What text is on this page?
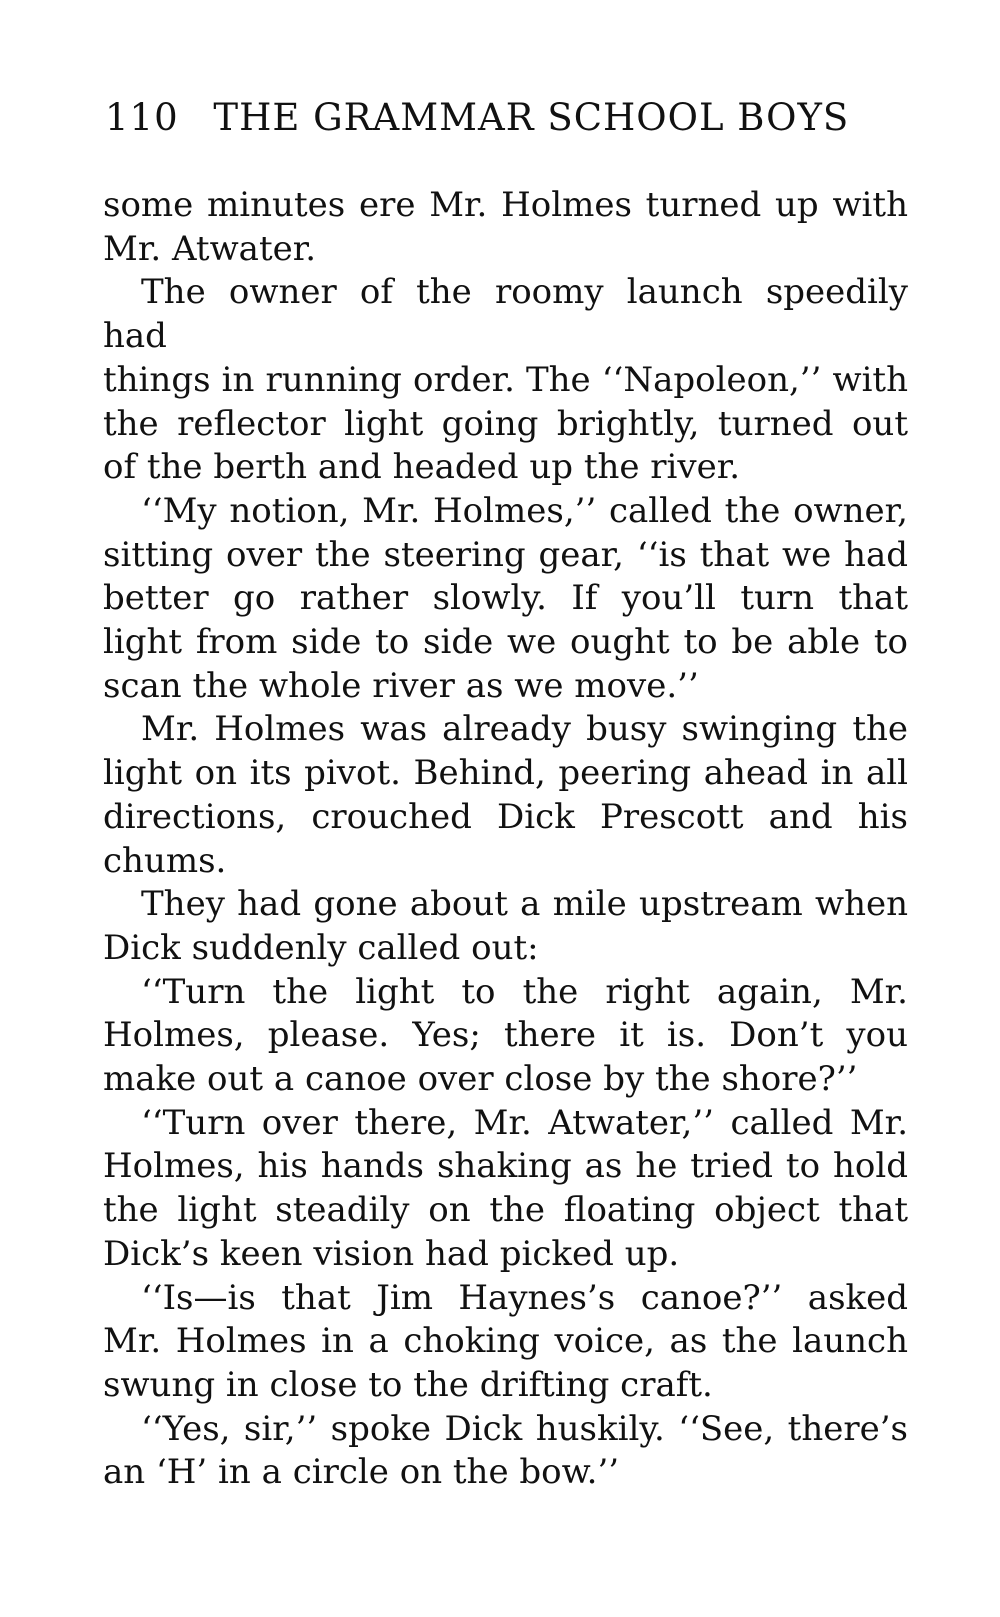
110 THE GRAMMAR SCHOOL BOYS

some minutes ere Mr. Holmes turned up with

Mr. Atwater.

The owner of the roomy launch speedily had

things in running order. The ‘‘Napoleon,’’ with

the reflector light going brightly, turned out

of the berth and headed up the river.

‘‘My notion, Mr. Holmes,’’ called the owner,

sitting over the steering gear, ‘‘is that we had

better go rather slowly. If you’ll turn that

light from side to side we ought to be able to

scan the whole river as we move.’’

Mr. Holmes was already busy swinging the

light on its pivot. Behind, peering ahead in all

directions, crouched Dick Prescott and his

chums.

They had gone about a mile upstream when

Dick suddenly called out:

‘‘Turn the light to the right again, Mr.

Holmes, please. Yes; there it is. Don’t you

make out a canoe over close by the shore?’’

‘‘Turn over there, Mr. Atwater,’’ called Mr.

Holmes, his hands shaking as he tried to hold

the light steadily on the floating object that

Dick’s keen vision had picked up.

‘‘Is—is that Jim Haynes’s canoe?’’ asked

Mr. Holmes in a choking voice, as the launch

swung in close to the drifting craft.

‘‘Yes, sir,’’ spoke Dick huskily. ‘‘See, there’s

an ‘H’ in a circle on the bow.’’
